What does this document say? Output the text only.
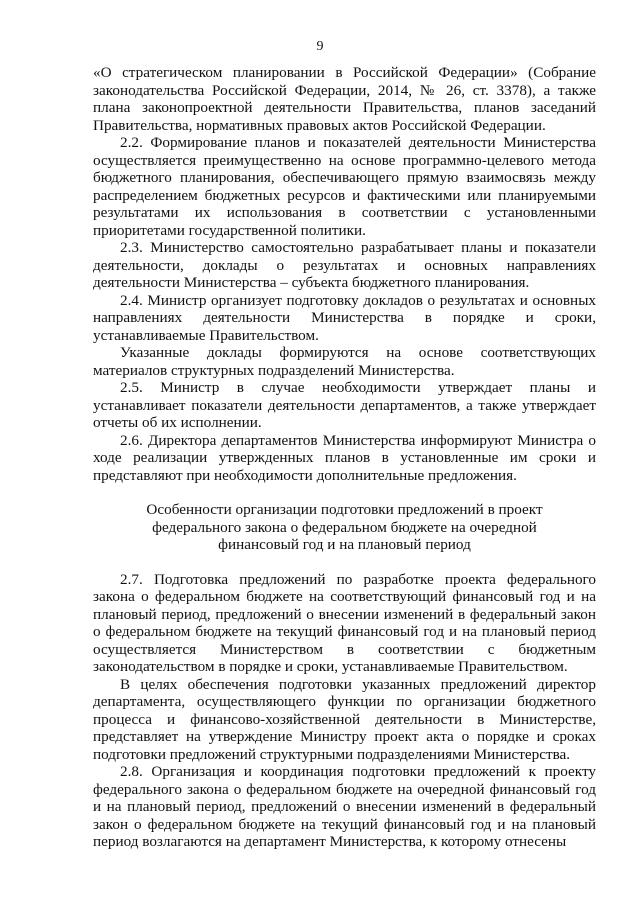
9

«О стратегическом планировании в Российской Федерации» (Собрание законодательства Российской Федерации, 2014, № 26, ст. 3378), а также плана законопроектной деятельности Правительства, планов заседаний Правительства, нормативных правовых актов Российской Федерации.

2.2. Формирование планов и показателей деятельности Министерства осуществляется преимущественно на основе программно-целевого метода бюджетного планирования, обеспечивающего прямую взаимосвязь между распределением бюджетных ресурсов и фактическими или планируемыми результатами их использования в соответствии с установленными приоритетами государственной политики.

2.3. Министерство самостоятельно разрабатывает планы и показатели деятельности, доклады о результатах и основных направлениях деятельности Министерства – субъекта бюджетного планирования.

2.4. Министр организует подготовку докладов о результатах и основных направлениях деятельности Министерства в порядке и сроки, устанавливаемые Правительством.

Указанные доклады формируются на основе соответствующих материалов структурных подразделений Министерства.

2.5. Министр в случае необходимости утверждает планы и устанавливает показатели деятельности департаментов, а также утверждает отчеты об их исполнении.

2.6. Директора департаментов Министерства информируют Министра о ходе реализации утвержденных планов в установленные им сроки и представляют при необходимости дополнительные предложения.

Особенности организации подготовки предложений в проект федерального закона о федеральном бюджете на очередной финансовый год и на плановый период

2.7. Подготовка предложений по разработке проекта федерального закона о федеральном бюджете на соответствующий финансовый год и на плановый период, предложений о внесении изменений в федеральный закон о федеральном бюджете на текущий финансовый год и на плановый период осуществляется Министерством в соответствии с бюджетным законодательством в порядке и сроки, устанавливаемые Правительством.

В целях обеспечения подготовки указанных предложений директор департамента, осуществляющего функции по организации бюджетного процесса и финансово-хозяйственной деятельности в Министерстве, представляет на утверждение Министру проект акта о порядке и сроках подготовки предложений структурными подразделениями Министерства.

2.8. Организация и координация подготовки предложений к проекту федерального закона о федеральном бюджете на очередной финансовый год и на плановый период, предложений о внесении изменений в федеральный закон о федеральном бюджете на текущий финансовый год и на плановый период возлагаются на департамент Министерства, к которому отнесены
